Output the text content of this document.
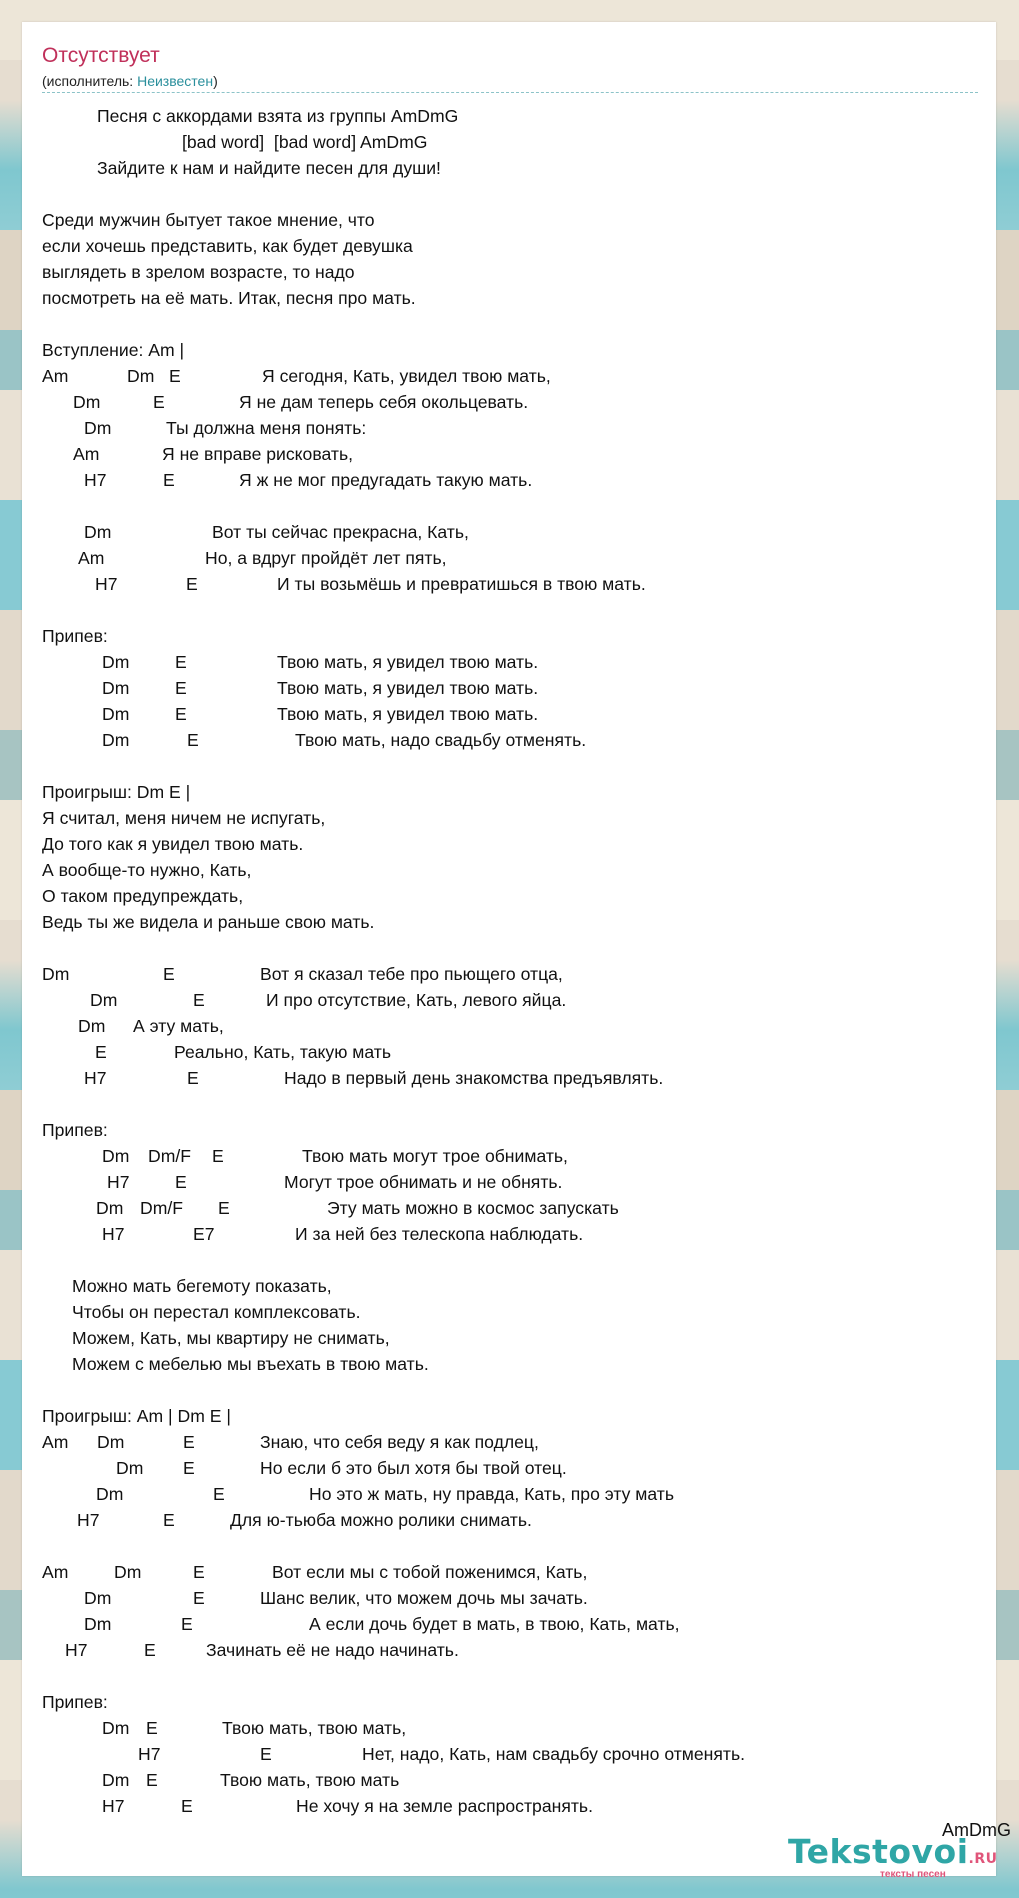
Отсутствует
(исполнитель: Неизвестен)
Песня с аккордами взята из группы AmDmG
[bad word]  [bad word] AmDmG
Зайдите к нам и найдите песен для души!
Среди мужчин бытует такое мнение, что
если хочешь представить, как будет девушка
выглядеть в зрелом возрасте, то надо
посмотреть на её мать. Итак, песня про мать.
Вступление: Am |
Am	Dm E	Я сегодня, Кать, увидел твою мать,
Dm	E	Я не дам теперь себя окольцевать.
Dm	Ты должна меня понять:
Am	Я не вправе рисковать,
H7	E	Я ж не мог предугадать такую мать.
Dm	Вот ты сейчас прекрасна, Кать,
Am	Но, а вдруг пройдёт лет пять,
H7	E	И ты возьмёшь и превратишься в твою мать.
Припев:
Dm	E	Твою мать, я увидел твою мать.
Dm	E	Твою мать, я увидел твою мать.
Dm	E	Твою мать, я увидел твою мать.
Dm	E	Твою мать, надо свадьбу отменять.
Проигрыш: Dm E |
Я считал, меня ничем не испугать,
До того как я увидел твою мать.
А вообще-то нужно, Кать,
О таком предупреждать,
Ведь ты же видела и раньше свою мать.
Dm	E	Вот я сказал тебе про пьющего отца,
Dm	E	И про отсутствие, Кать, левого яйца.
Dm А эту мать,
E	Реально, Кать, такую мать
H7	E	Надо в первый день знакомства предъявлять.
Припев:
Dm Dm/F E	Твою мать могут трое обнимать,
H7	E	Могут трое обнимать и не обнять.
Dm Dm/F E	Эту мать можно в космос запускать
H7	E7	И за ней без телескопа наблюдать.
Можно мать бегемоту показать,
Чтобы он перестал комплексовать.
Можем, Кать, мы квартиру не снимать,
Можем с мебелью мы въехать в твою мать.
Проигрыш: Am | Dm E |
Am Dm	E	Знаю, что себя веду я как подлец,
Dm E	Но если б это был хотя бы твой отец.
Dm	E	Но это ж мать, ну правда, Кать, про эту мать
H7	E	Для ю-тьюба можно ролики снимать.
Am	Dm	E	Вот если мы с тобой поженимся, Кать,
Dm	E	Шанс велик, что можем дочь мы зачать.
Dm	E	А если дочь будет в мать, в твою, Кать, мать,
H7	E	Зачинать её не надо начинать.
Припев:
Dm E	Твою мать, твою мать,
H7	E	Нет, надо, Кать, нам свадьбу срочно отменять.
Dm E	Твою мать, твою мать
H7	E	Не хочу я на земле распространять.
AmDmG
Tekstovoi.RU
тексты песен
